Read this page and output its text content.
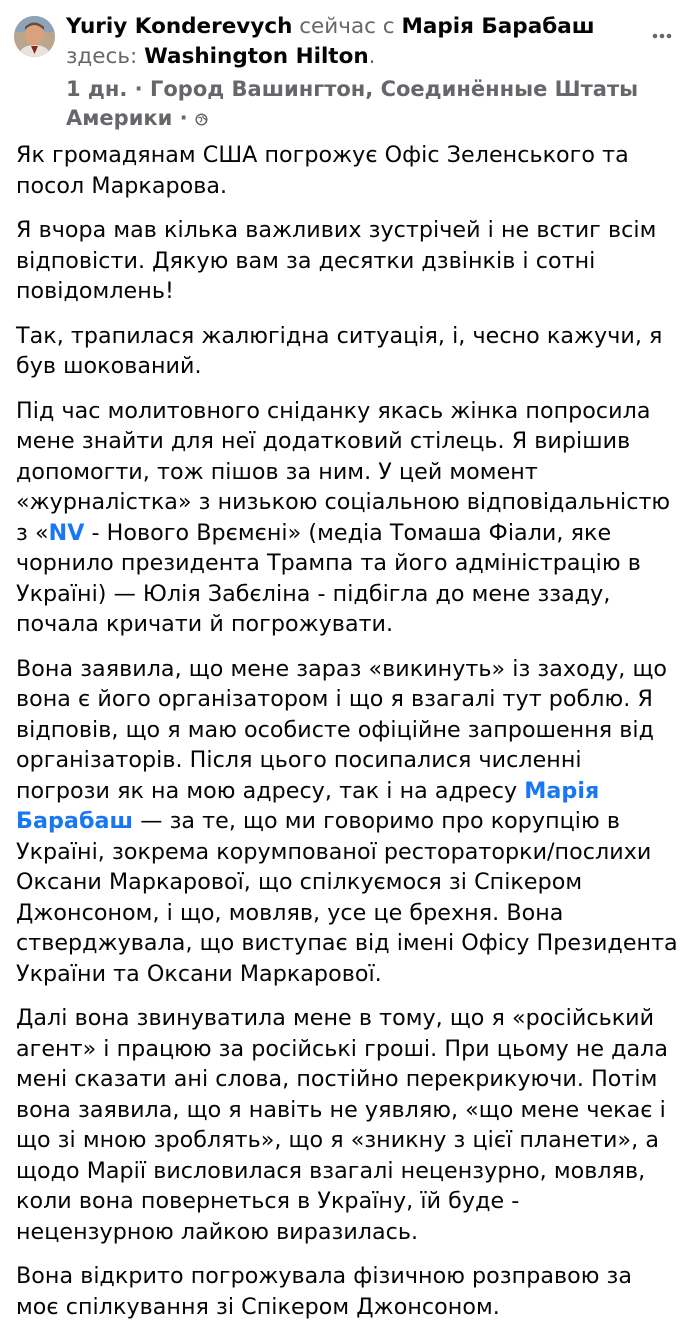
Yuriy Konderevych сейчас с Марія Барабаш
здесь: Washington Hilton.
1 дн. · Город Вашингтон, Соединённые Штаты Америки ·

Як громадянам США погрожує Офіс Зеленського та посол Маркарова.

Я вчора мав кілька важливих зустрічей і не встиг всім відповісти. Дякую вам за десятки дзвінків і сотні повідомлень!

Так, трапилася жалюгідна ситуація, і, чесно кажучи, я був шокований.

Під час молитовного сніданку якась жінка попросила мене знайти для неї додатковий стілець. Я вирішив допомогти, тож пішов за ним. У цей момент «журналістка» з низькою соціальною відповідальністю з «NV - Нового Врємєні» (медіа Томаша Фіали, яке чорнило президента Трампа та його адміністрацію в Україні) — Юлія Забєліна - підбігла до мене ззаду, почала кричати й погрожувати.

Вона заявила, що мене зараз «викинуть» із заходу, що вона є його організатором і що я взагалі тут роблю. Я відповів, що я маю особисте офіційне запрошення від організаторів. Після цього посипалися численні погрози як на мою адресу, так і на адресу Марія Барабаш — за те, що ми говоримо про корупцію в Україні, зокрема корумпованої рестораторки/послихи Оксани Маркарової, що спілкуємося зі Спікером Джонсоном, і що, мовляв, усе це брехня. Вона стверджувала, що виступає від імені Офісу Президента України та Оксани Маркарової.

Далі вона звинуватила мене в тому, що я «російський агент» і працюю за російські гроші. При цьому не дала мені сказати ані слова, постійно перекрикуючи. Потім вона заявила, що я навіть не уявляю, «що мене чекає і що зі мною зроблять», що я «зникну з цієї планети», а щодо Марії висловилася взагалі нецензурно, мовляв, коли вона повернеться в Україну, їй буде - нецензурною лайкою виразилась.

Вона відкрито погрожувала фізичною розправою за моє спілкування зі Спікером Джонсоном.
